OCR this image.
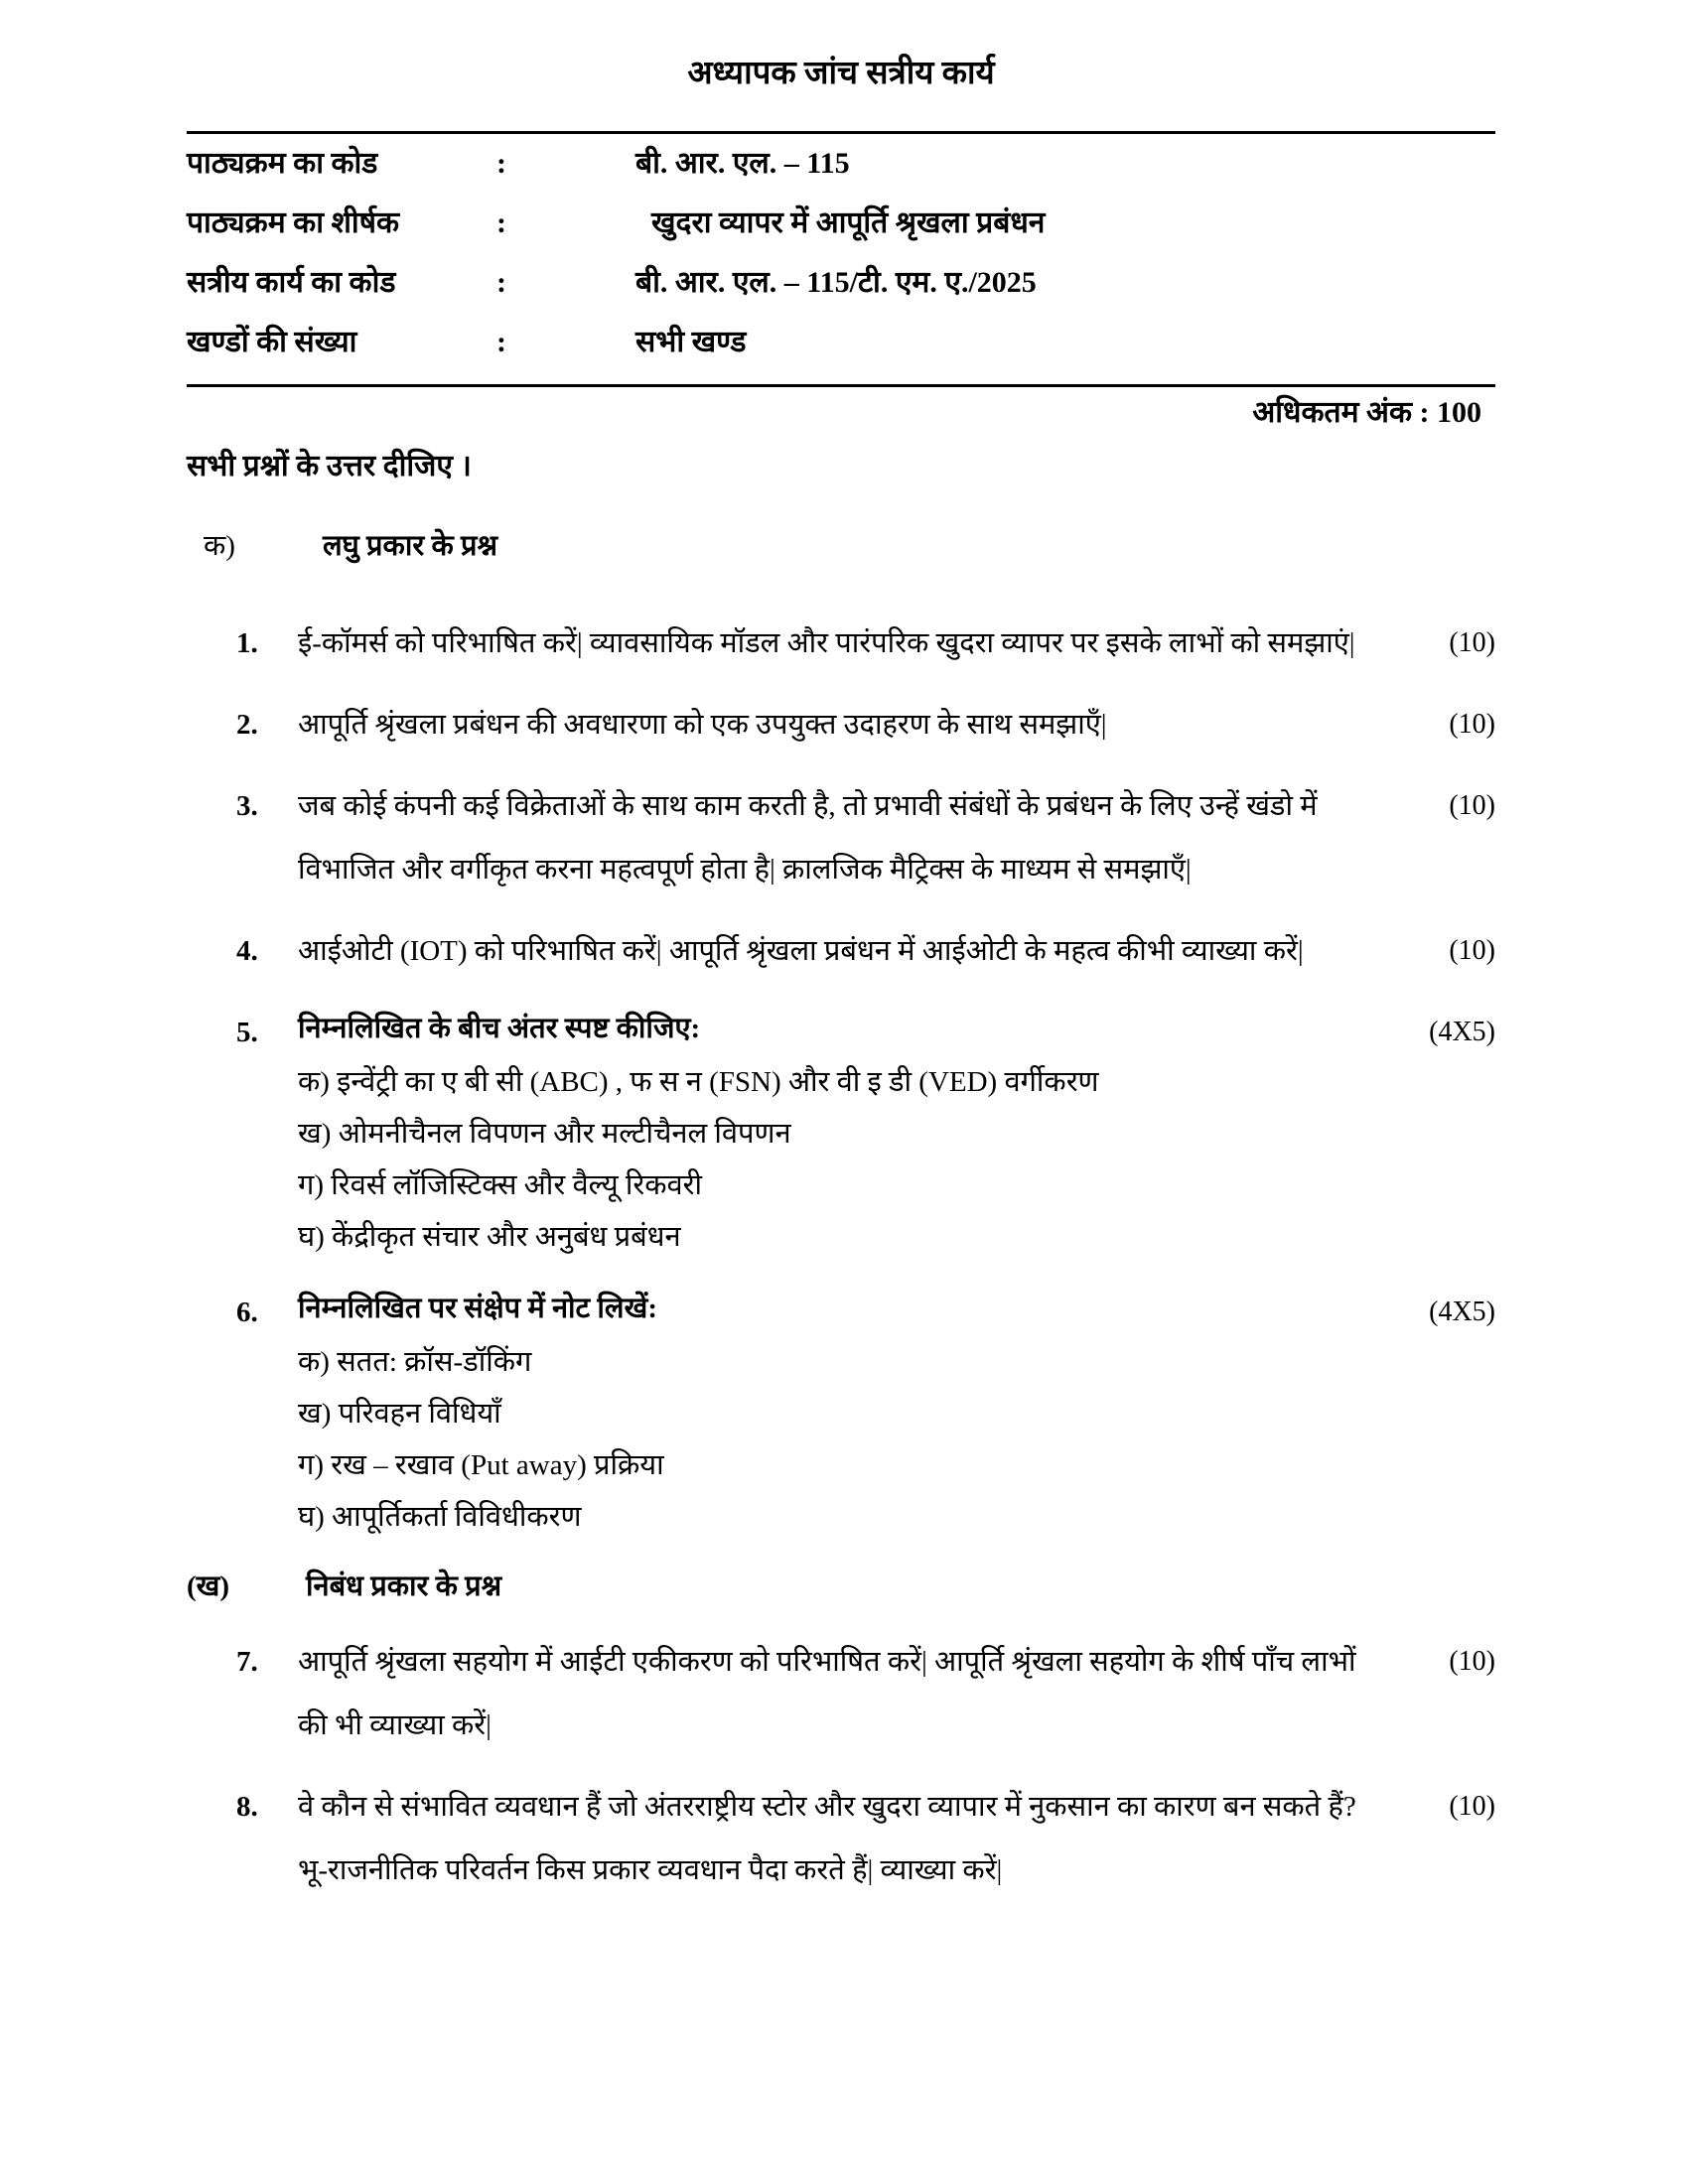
अध्यापक जांच सत्रीय कार्य
पाठ्यक्रम का कोड	:	बी. आर. एल. – 115
पाठ्यक्रम का शीर्षक	:	खुदरा व्यापर में आपूर्ति श्रृखला प्रबंधन
सत्रीय कार्य का कोड	:	बी. आर. एल. – 115/टी. एम. ए./2025
खण्डों की संख्या	:	सभी खण्ड
अधिकतम अंक : 100
सभी प्रश्नों के उत्तर दीजिए ।
क)	लघु प्रकार के प्रश्न
1.	ई-कॉमर्स को परिभाषित करें| व्यावसायिक मॉडल और पारंपरिक खुदरा व्यापर पर इसके लाभों को समझाएं|	(10)
2.	आपूर्ति श्रृंखला प्रबंधन की अवधारणा को एक उपयुक्त उदाहरण के साथ समझाएँ|	(10)
3.	जब कोई कंपनी कई विक्रेताओं के साथ काम करती है, तो प्रभावी संबंधों के प्रबंधन के लिए उन्हें खंडो में विभाजित और वर्गीकृत करना महत्वपूर्ण होता है| क्रालजिक मैट्रिक्स के माध्यम से समझाएँ|
(10)
4.	आईओटी (IOT) को परिभाषित करें| आपूर्ति श्रृंखला प्रबंधन में आईओटी के महत्व कीभी व्याख्या करें|	(10)
5.	निम्नलिखित के बीच अंतर स्पष्ट कीजिए:
क) इन्वेंट्री का ए बी सी (ABC) , फ स न (FSN) और वी इ डी (VED) वर्गीकरण
ख) ओमनीचैनल विपणन और मल्टीचैनल विपणन
ग) रिवर्स लॉजिस्टिक्स और वैल्यू रिकवरी
घ) केंद्रीकृत संचार और अनुबंध प्रबंधन
(4X5)
6.	निम्नलिखित पर संक्षेप में नोट लिखें:
क) सतत: क्रॉस-डॉकिंग
ख) परिवहन विधियाँ
ग) रख – रखाव (Put away) प्रक्रिया
घ) आपूर्तिकर्ता विविधीकरण
(4X5)
(ख)	निबंध प्रकार के प्रश्न
7.	आपूर्ति श्रृंखला सहयोग में आईटी एकीकरण को परिभाषित करें| आपूर्ति श्रृंखला सहयोग के शीर्ष पाँच लाभों की भी व्याख्या करें|
(10)
8.	वे कौन से संभावित व्यवधान हैं जो अंतरराष्ट्रीय स्टोर और खुदरा व्यापार में नुकसान का कारण बन सकते हैं? भू-राजनीतिक परिवर्तन किस प्रकार व्यवधान पैदा करते हैं| व्याख्या करें|
(10)
